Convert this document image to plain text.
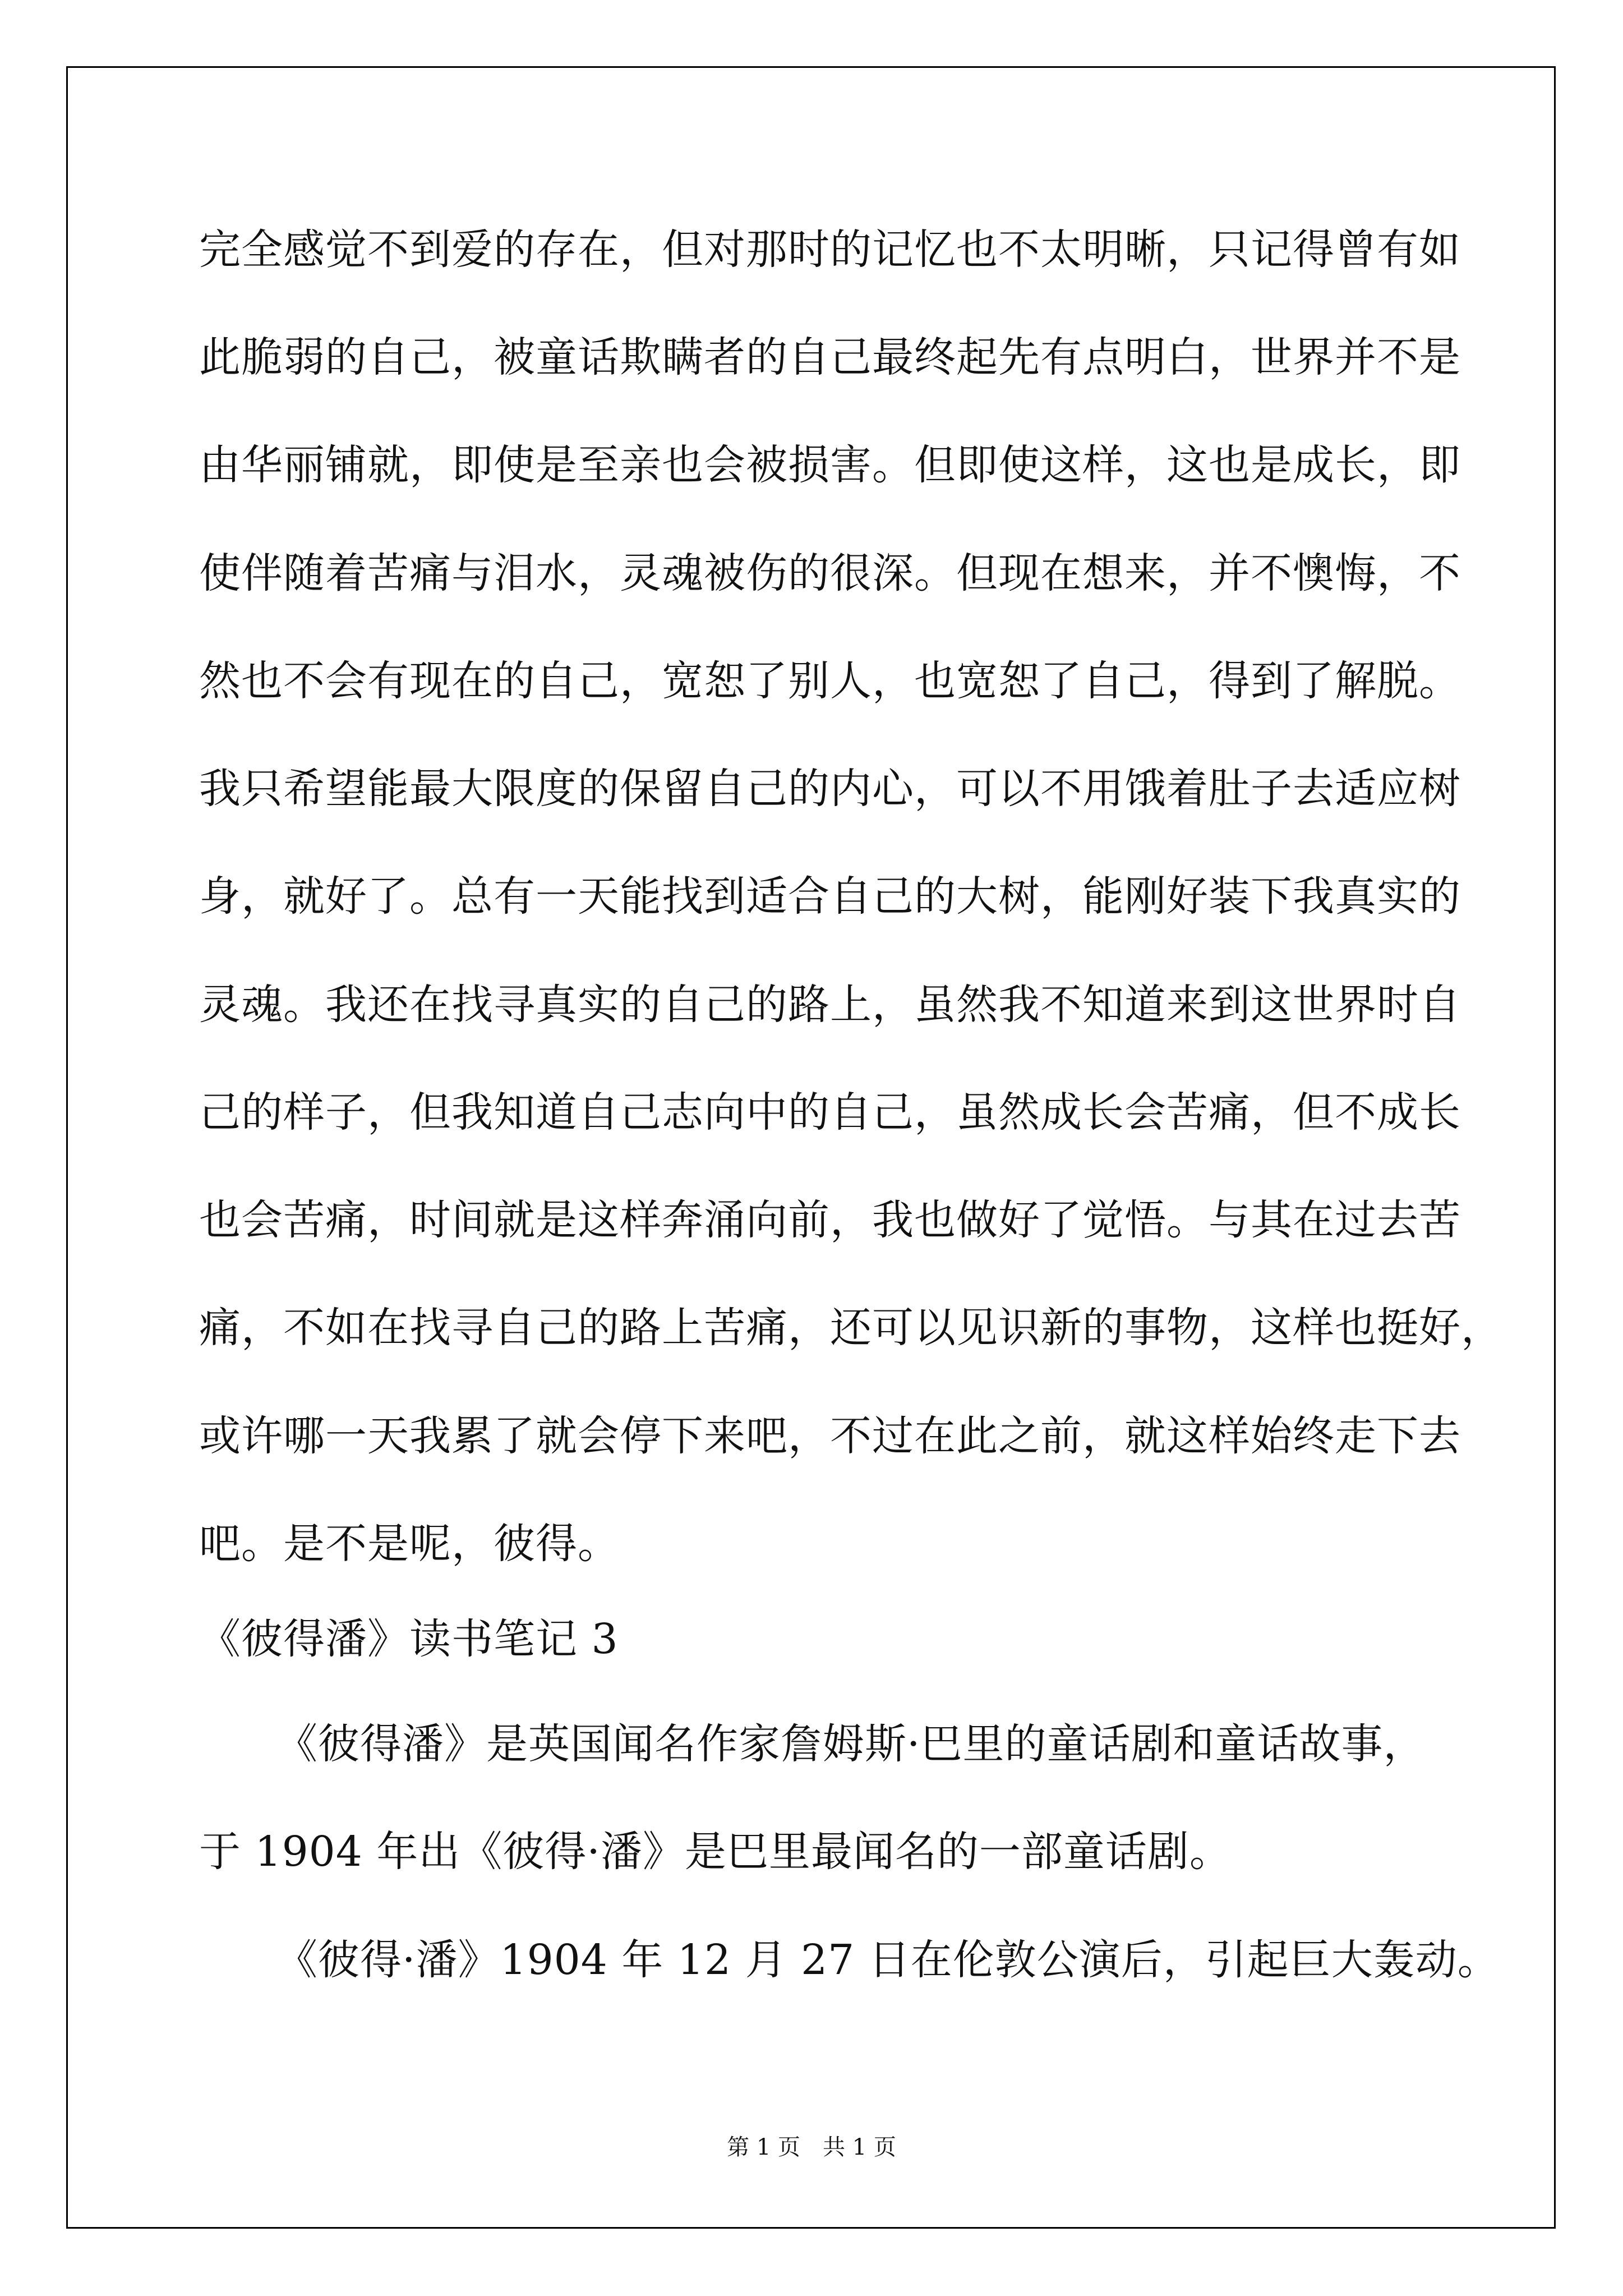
完全感觉不到爱的存在，但对那时的记忆也不太明晰，只记得曾有如
此脆弱的自己，被童话欺瞒者的自己最终起先有点明白，世界并不是
由华丽铺就，即使是至亲也会被损害。但即使这样，这也是成长，即
使伴随着苦痛与泪水，灵魂被伤的很深。但现在想来，并不懊悔，不
然也不会有现在的自己，宽恕了别人，也宽恕了自己，得到了解脱。
我只希望能最大限度的保留自己的内心，可以不用饿着肚子去适应树
身，就好了。总有一天能找到适合自己的大树，能刚好装下我真实的
灵魂。我还在找寻真实的自己的路上，虽然我不知道来到这世界时自
己的样子，但我知道自己志向中的自己，虽然成长会苦痛，但不成长
也会苦痛，时间就是这样奔涌向前，我也做好了觉悟。与其在过去苦
痛，不如在找寻自己的路上苦痛，还可以见识新的事物，这样也挺好，
或许哪一天我累了就会停下来吧，不过在此之前，就这样始终走下去
吧。是不是呢，彼得。
《彼得潘》读书笔记 3
《彼得潘》是英国闻名作家詹姆斯·巴里的童话剧和童话故事，
于 1904 年出《彼得·潘》是巴里最闻名的一部童话剧。
《彼得·潘》1904 年 12 月 27 日在伦敦公演后，引起巨大轰动。
第 1 页　共 1 页
